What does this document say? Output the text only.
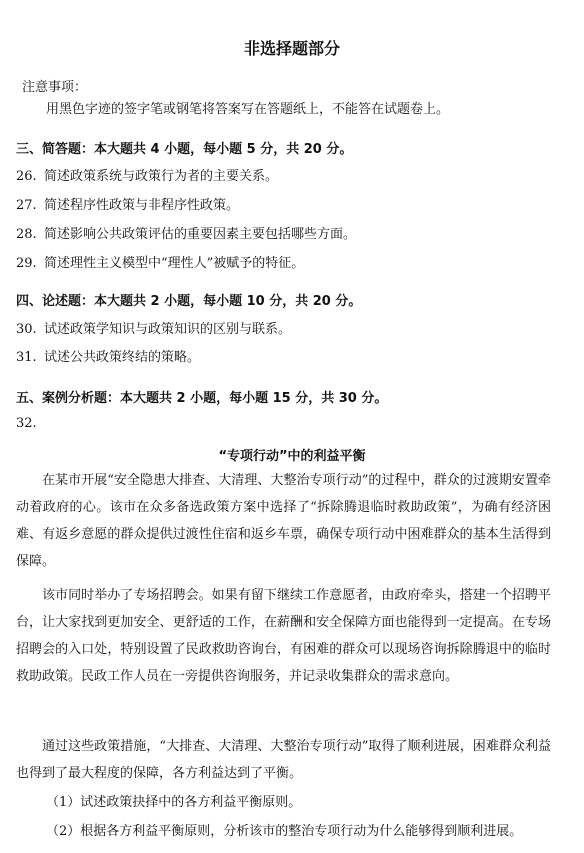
非选择题部分
注意事项：
用黑色字迹的签字笔或钢笔将答案写在答题纸上，不能答在试题卷上。
三、简答题：本大题共 4 小题，每小题 5 分，共 20 分。
26. 简述政策系统与政策行为者的主要关系。
27. 简述程序性政策与非程序性政策。
28. 简述影响公共政策评估的重要因素主要包括哪些方面。
29. 简述理性主义模型中“理性人”被赋予的特征。
四、论述题：本大题共 2 小题，每小题 10 分，共 20 分。
30. 试述政策学知识与政策知识的区别与联系。
31. 试述公共政策终结的策略。
五、案例分析题：本大题共 2 小题，每小题 15 分，共 30 分。
32.
“专项行动”中的利益平衡

在某市开展“安全隐患大排查、大清理、大整治专项行动”的过程中，群众的过渡期安置牵动着政府的心。该市在众多备选政策方案中选择了“拆除腾退临时救助政策”，为确有经济困难、有返乡意愿的群众提供过渡性住宿和返乡车票，确保专项行动中困难群众的基本生活得到保障。

该市同时举办了专场招聘会。如果有留下继续工作意愿者，由政府牵头，搭建一个招聘平台，让大家找到更加安全、更舒适的工作，在薪酬和安全保障方面也能得到一定提高。在专场招聘会的入口处，特别设置了民政救助咨询台，有困难的群众可以现场咨询拆除腾退中的临时救助政策。民政工作人员在一旁提供咨询服务，并记录收集群众的需求意向。

通过这些政策措施，“大排查、大清理、大整治专项行动”取得了顺利进展，困难群众利益也得到了最大程度的保障，各方利益达到了平衡。

（1）试述政策抉择中的各方利益平衡原则。
（2）根据各方利益平衡原则，分析该市的整治专项行动为什么能够得到顺利进展。
